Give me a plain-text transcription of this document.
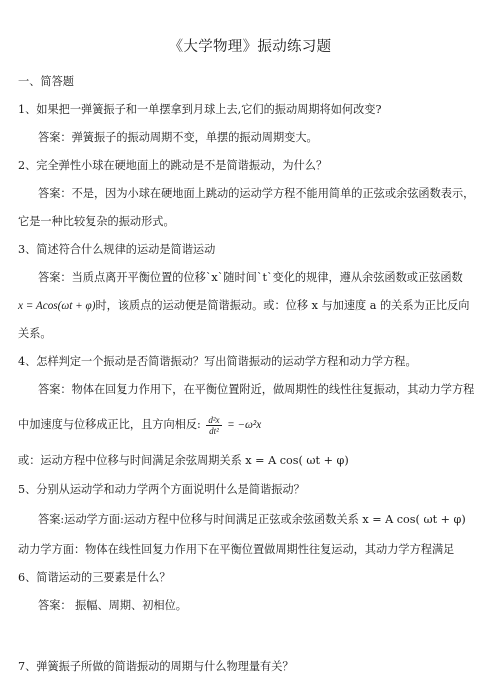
《大学物理》振动练习题
一、简答题
1、如果把一弹簧振子和一单摆拿到月球上去,它们的振动周期将如何改变?
答案：弹簧振子的振动周期不变，单摆的振动周期变大。
2、完全弹性小球在硬地面上的跳动是不是简谐振动，为什么？
答案：不是，因为小球在硬地面上跳动的运动学方程不能用简单的正弦或余弦函数表示，
它是一种比较复杂的振动形式。
3、简述符合什么规律的运动是简谐运动
答案：当质点离开平衡位置的位移`x`随时间`t`变化的规律，遵从余弦函数或正弦函数
x = Acos(ωt + φ)时，该质点的运动便是简谐振动。或：位移 x 与加速度 a 的关系为正比反向
关系。
4、怎样判定一个振动是否简谐振动？写出简谐振动的运动学方程和动力学方程。
答案：物体在回复力作用下，在平衡位置附近，做周期性的线性往复振动，其动力学方程
中加速度与位移成正比，且方向相反: $\frac{\text{d²x}}{\text{dt²}} = -\omega^2x$
或：运动方程中位移与时间满足余弦周期关系 x = A cos( ωt + φ)
5、分别从运动学和动力学两个方面说明什么是简谐振动？
答案:运动学方面:运动方程中位移与时间满足正弦或余弦函数关系 x = A cos( ωt + φ)
动力学方面：物体在线性回复力作用下在平衡位置做周期性往复运动，其动力学方程满足
6、简谐运动的三要素是什么？
答案： 振幅、周期、初相位。
7、弹簧振子所做的简谐振动的周期与什么物理量有关？
